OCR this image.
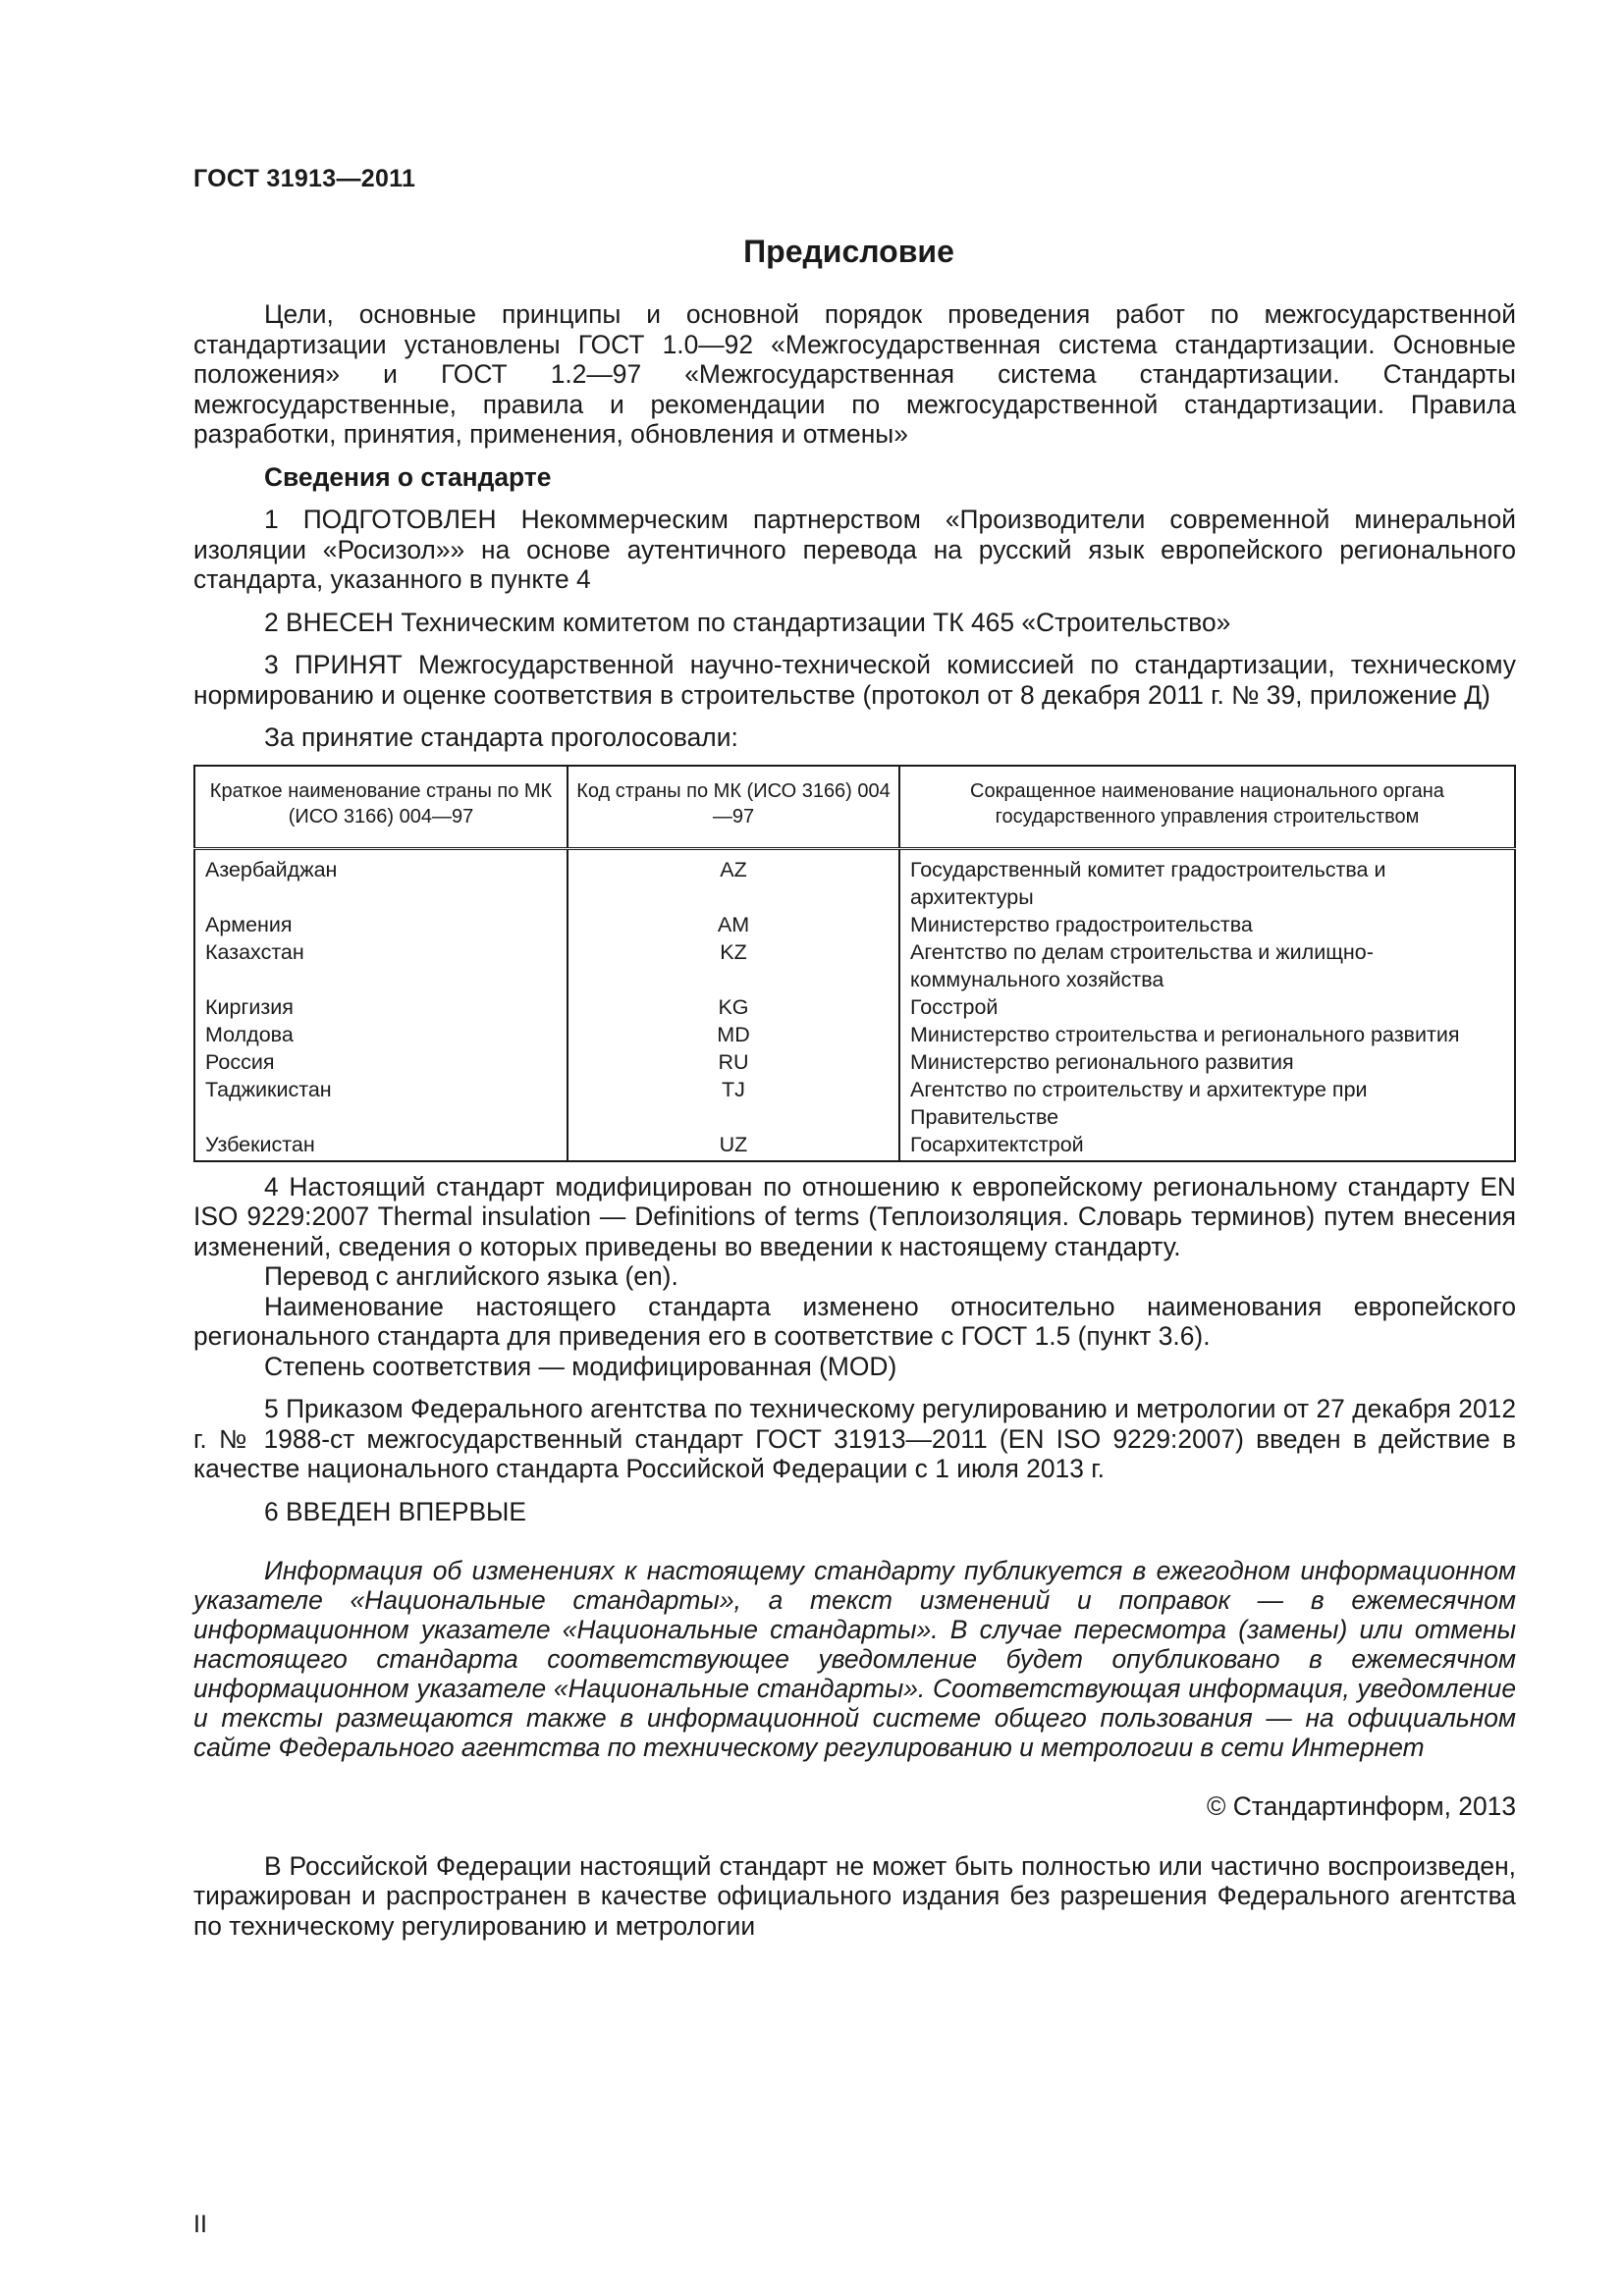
ГОСТ 31913—2011
Предисловие

Цели, основные принципы и основной порядок проведения работ по межгосударственной стандартизации установлены ГОСТ 1.0—92 «Межгосударственная система стандартизации. Основные положения» и ГОСТ 1.2—97 «Межгосударственная система стандартизации. Стандарты межгосударственные, правила и рекомендации по межгосударственной стандартизации. Правила разработки, принятия, применения, обновления и отмены»

Сведения о стандарте

1 ПОДГОТОВЛЕН Некоммерческим партнерством «Производители современной минеральной изоляции «Росизол»» на основе аутентичного перевода на русский язык европейского регионального стандарта, указанного в пункте 4

2 ВНЕСЕН Техническим комитетом по стандартизации ТК 465 «Строительство»

3 ПРИНЯТ Межгосударственной научно-технической комиссией по стандартизации, техническому нормированию и оценке соответствия в строительстве (протокол от 8 декабря 2011 г. № 39, приложение Д)

За принятие стандарта проголосовали:

Краткое наименование страны по МК (ИСО 3166) 004—97	Код страны по МК (ИСО 3166) 004—97	Сокращенное наименование национального органа государственного управления строительством
Азербайджан	AZ	Государственный комитет градостроительства и архитектуры
Армения	AM	Министерство градостроительства
Казахстан	KZ	Агентство по делам строительства и жилищно-коммунального хозяйства
Киргизия	KG	Госстрой
Молдова	MD	Министерство строительства и регионального развития
Россия	RU	Министерство регионального развития
Таджикистан	TJ	Агентство по строительству и архитектуре при Правительстве
Узбекистан	UZ	Госархитектстрой

4 Настоящий стандарт модифицирован по отношению к европейскому региональному стандарту EN ISO 9229:2007 Thermal insulation — Definitions of terms (Теплоизоляция. Словарь терминов) путем внесения изменений, сведения о которых приведены во введении к настоящему стандарту.

Перевод с английского языка (en).

Наименование настоящего стандарта изменено относительно наименования европейского регионального стандарта для приведения его в соответствие с ГОСТ 1.5 (пункт 3.6).

Степень соответствия — модифицированная (MOD)

5 Приказом Федерального агентства по техническому регулированию и метрологии от 27 декабря 2012 г. № 1988-ст межгосударственный стандарт ГОСТ 31913—2011 (EN ISO 9229:2007) введен в действие в качестве национального стандарта Российской Федерации с 1 июля 2013 г.

6 ВВЕДЕН ВПЕРВЫЕ

Информация об изменениях к настоящему стандарту публикуется в ежегодном информационном указателе «Национальные стандарты», а текст изменений и поправок — в ежемесячном информационном указателе «Национальные стандарты». В случае пересмотра (замены) или отмены настоящего стандарта соответствующее уведомление будет опубликовано в ежемесячном информационном указателе «Национальные стандарты». Соответствующая информация, уведомление и тексты размещаются также в информационной системе общего пользования — на официальном сайте Федерального агентства по техническому регулированию и метрологии в сети Интернет

© Стандартинформ, 2013

В Российской Федерации настоящий стандарт не может быть полностью или частично воспроизведен, тиражирован и распространен в качестве официального издания без разрешения Федерального агентства по техническому регулированию и метрологии

II
